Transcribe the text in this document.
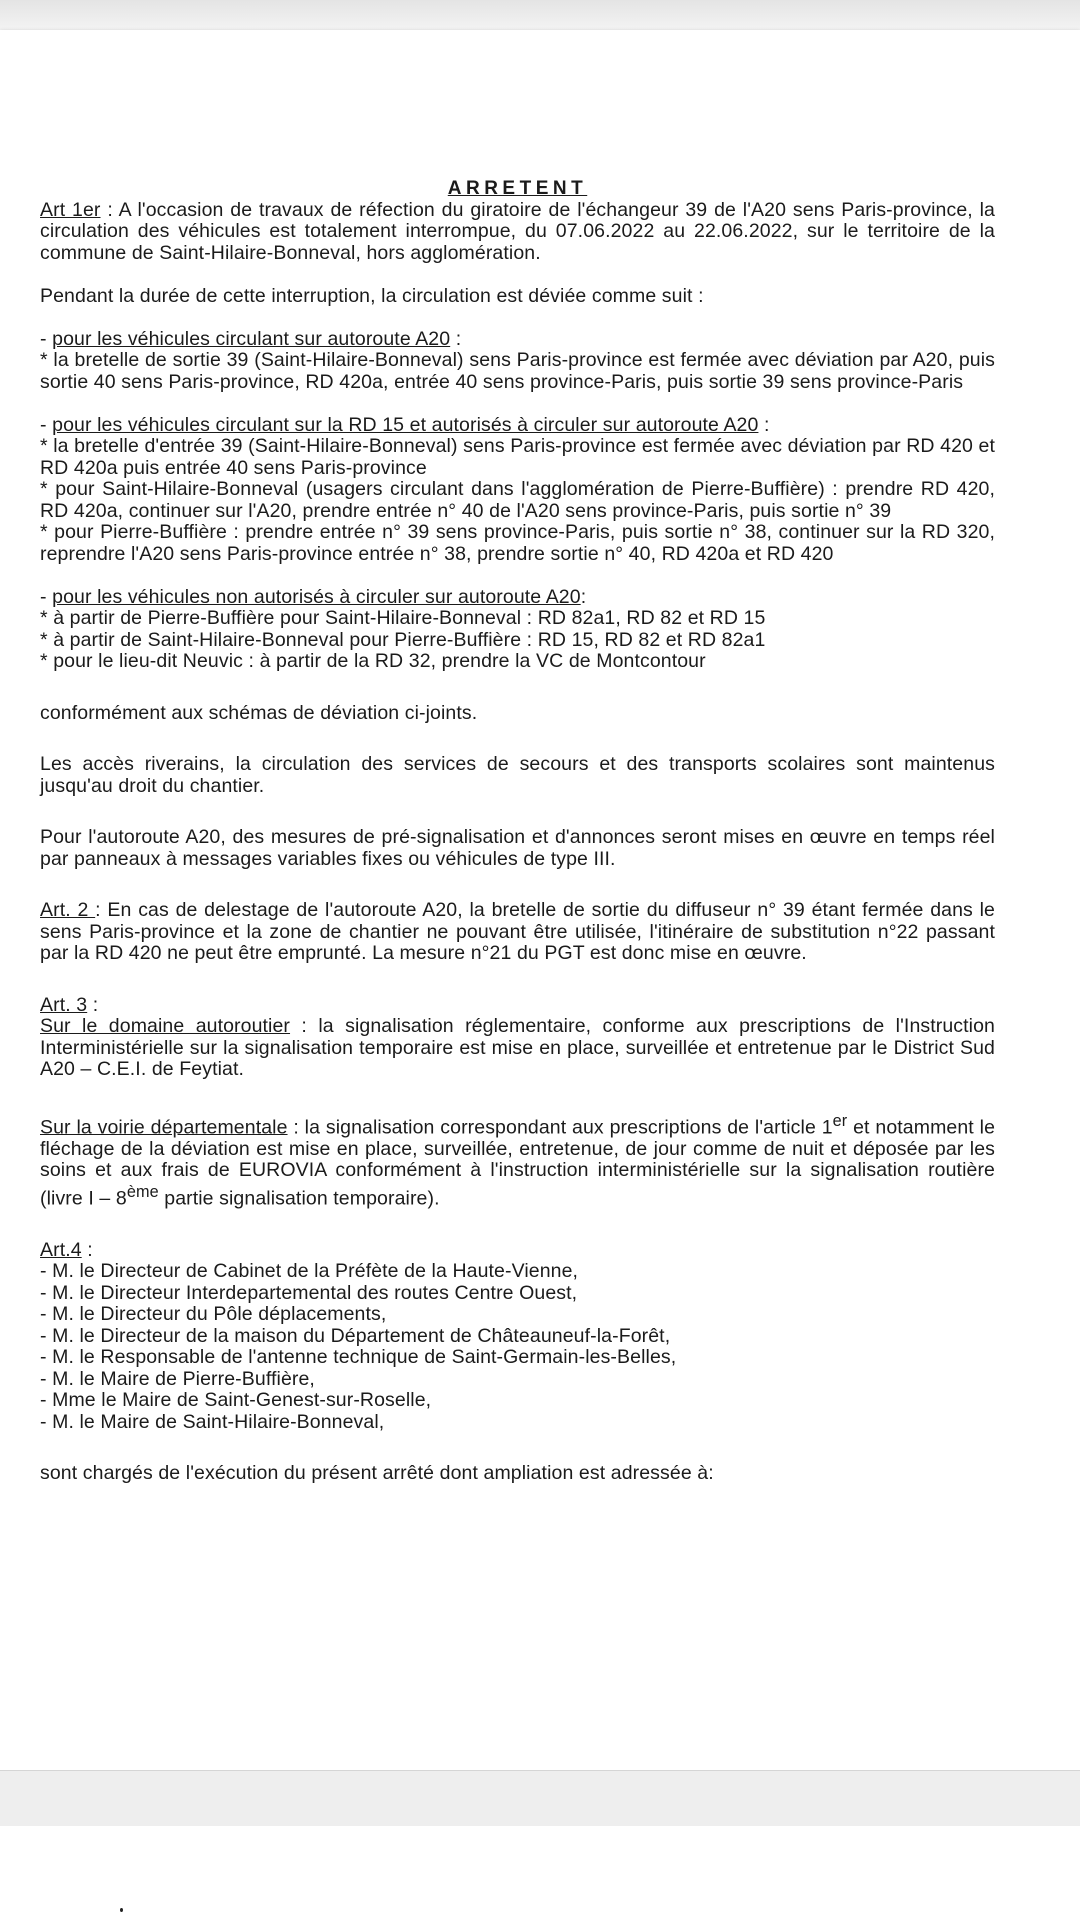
ARRETENT

Art 1er : A l'occasion de travaux de réfection du giratoire de l'échangeur 39 de l'A20 sens Paris-province, la circulation des véhicules est totalement interrompue, du 07.06.2022 au 22.06.2022, sur le territoire de la commune de Saint-Hilaire-Bonneval, hors agglomération.

Pendant la durée de cette interruption, la circulation est déviée comme suit :

- pour les véhicules circulant sur autoroute A20 :

* la bretelle de sortie 39 (Saint-Hilaire-Bonneval) sens Paris-province est fermée avec déviation par A20, puis sortie 40 sens Paris-province, RD 420a, entrée 40 sens province-Paris, puis sortie 39 sens province-Paris

- pour les véhicules circulant sur la RD 15 et autorisés à circuler sur autoroute A20 :

* la bretelle d'entrée 39 (Saint-Hilaire-Bonneval) sens Paris-province est fermée avec déviation par RD 420 et RD 420a puis entrée 40 sens Paris-province

* pour Saint-Hilaire-Bonneval (usagers circulant dans l'agglomération de Pierre-Buffière) : prendre RD 420, RD 420a, continuer sur l'A20, prendre entrée n° 40 de l'A20 sens province-Paris, puis sortie n° 39

* pour Pierre-Buffière : prendre entrée n° 39 sens province-Paris, puis sortie n° 38, continuer sur la RD 320, reprendre l'A20 sens Paris-province entrée n° 38, prendre sortie n° 40, RD 420a et RD 420

- pour les véhicules non autorisés à circuler sur autoroute A20:

* à partir de Pierre-Buffière pour Saint-Hilaire-Bonneval : RD 82a1, RD 82 et RD 15

* à partir de Saint-Hilaire-Bonneval pour Pierre-Buffière : RD 15, RD 82 et RD 82a1

* pour le lieu-dit Neuvic : à partir de la RD 32, prendre la VC de Montcontour

conformément aux schémas de déviation ci-joints.

Les accès riverains, la circulation des services de secours et des transports scolaires sont maintenus jusqu'au droit du chantier.

Pour l'autoroute A20, des mesures de pré-signalisation et d'annonces seront mises en œuvre en temps réel par panneaux à messages variables fixes ou véhicules de type III.

Art. 2 : En cas de delestage de l'autoroute A20, la bretelle de sortie du diffuseur n° 39 étant fermée dans le sens Paris-province et la zone de chantier ne pouvant être utilisée, l'itinéraire de substitution n°22 passant par la RD 420 ne peut être emprunté. La mesure n°21 du PGT est donc mise en œuvre.

Art. 3 :

Sur le domaine autoroutier : la signalisation réglementaire, conforme aux prescriptions de l'Instruction Interministérielle sur la signalisation temporaire est mise en place, surveillée et entretenue par le District Sud A20 – C.E.I. de Feytiat.

Sur la voirie départementale : la signalisation correspondant aux prescriptions de l'article 1er et notamment le fléchage de la déviation est mise en place, surveillée, entretenue, de jour comme de nuit et déposée par les soins et aux frais de EUROVIA conformément à l'instruction interministérielle sur la signalisation routière (livre I – 8ème partie signalisation temporaire).

Art.4 :

- M. le Directeur de Cabinet de la Préfète de la Haute-Vienne,

- M. le Directeur Interdepartemental des routes Centre Ouest,

- M. le Directeur du Pôle déplacements,

- M. le Directeur de la maison du Département de Châteauneuf-la-Forêt,

- M. le Responsable de l'antenne technique de Saint-Germain-les-Belles,

- M. le Maire de Pierre-Buffière,

- Mme le Maire de Saint-Genest-sur-Roselle,

- M. le Maire de Saint-Hilaire-Bonneval,

sont chargés de l'exécution du présent arrêté dont ampliation est adressée à:
